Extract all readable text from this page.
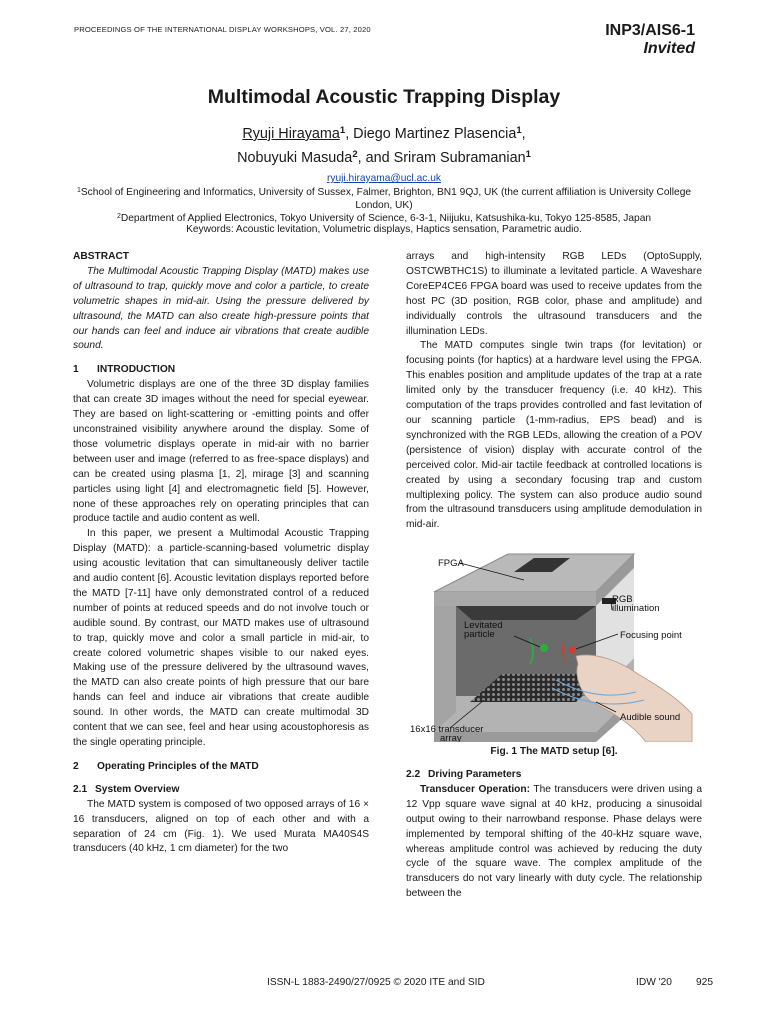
PROCEEDINGS OF THE INTERNATIONAL DISPLAY WORKSHOPS, VOL. 27, 2020	INP3/AIS6-1
Invited
Multimodal Acoustic Trapping Display
Ryuji Hirayama$^1$, Diego Martinez Plasencia$^1$,
Nobuyuki Masuda$^2$, and Sriram Subramanian$^1$
ryuji.hirayama@ucl.ac.uk
$^1$School of Engineering and Informatics, University of Sussex, Falmer, Brighton, BN1 9QJ, UK (the current affiliation is University College London, UK)
$^2$Department of Applied Electronics, Tokyo University of Science, 6-3-1, Niijuku, Katsushika-ku, Tokyo 125-8585, Japan
Keywords: Acoustic levitation, Volumetric displays, Haptics sensation, Parametric audio.
ABSTRACT

The Multimodal Acoustic Trapping Display (MATD) makes use of ultrasound to trap, quickly move and color a particle, to create volumetric shapes in mid-air. Using the pressure delivered by ultrasound, the MATD can also create high-pressure points that our hands can feel and induce air vibrations that create audible sound.

1 INTRODUCTION

Volumetric displays are one of the three 3D display families that can create 3D images without the need for special eyewear. They are based on light-scattering or -emitting points and offer unconstrained visibility anywhere around the display. Some of those volumetric displays operate in mid-air with no barrier between user and image (referred to as free-space displays) and can be created using plasma [1, 2], mirage [3] and scanning particles using light [4] and electromagnetic field [5]. However, none of these approaches rely on operating principles that can produce tactile and audio content as well.

In this paper, we present a Multimodal Acoustic Trapping Display (MATD): a particle-scanning-based volumetric display using acoustic levitation that can simultaneously deliver tactile and audio content [6]. Acoustic levitation displays reported before the MATD [7-11] have only demonstrated control of a reduced number of points at reduced speeds and do not involve touch or audible sound. By contrast, our MATD makes use of ultrasound to trap, quickly move and color a small particle in mid-air, to create colored volumetric shapes visible to our naked eyes. Making use of the pressure delivered by the ultrasound waves, the MATD can also create points of high pressure that our bare hands can feel and induce air vibrations that create audible sound. In other words, the MATD can create multimodal 3D content that we can see, feel and hear using acoustophoresis as the single operating principle.

2 Operating Principles of the MATD
2.1 System Overview

The MATD system is composed of two opposed arrays of 16 × 16 transducers, aligned on top of each other and with a separation of 24 cm (Fig. 1). We used Murata MA40S4S transducers (40 kHz, 1 cm diameter) for the two

arrays and high-intensity RGB LEDs (OptoSupply, OSTCWBTHC1S) to illuminate a levitated particle. A Waveshare CoreEP4CE6 FPGA board was used to receive updates from the host PC (3D position, RGB color, phase and amplitude) and individually controls the ultrasound transducers and the illumination LEDs.

The MATD computes single twin traps (for levitation) or focusing points (for haptics) at a hardware level using the FPGA. This enables position and amplitude updates of the trap at a rate limited only by the transducer frequency (i.e. 40 kHz). This computation of the traps provides controlled and fast levitation of our scanning particle (1-mm-radius, EPS bead) and is synchronized with the RGB LEDs, allowing the creation of a POV (persistence of vision) display with accurate control of the perceived color. Mid-air tactile feedback at controlled locations is created by using a secondary focusing trap and custom multiplexing policy. The system can also produce audio sound from the ultrasound transducers using amplitude demodulation in mid-air.

FPGA
RGB
illumination
Levitated
particle	Focusing point
Audible sound
16x16 transducer
array
Fig. 1 The MATD setup [6].
2.2 Driving Parameters

Transducer Operation: The transducers were driven using a 12 Vpp square wave signal at 40 kHz, producing a sinusoidal output owing to their narrowband response. Phase delays were implemented by temporal shifting of the 40-kHz square wave, whereas amplitude control was achieved by reducing the duty cycle of the square wave. The complex amplitude of the transducers do not vary linearly with duty cycle. The relationship between the

ISSN-L 1883-2490/27/0925 © 2020 ITE and SID	IDW '20 925
